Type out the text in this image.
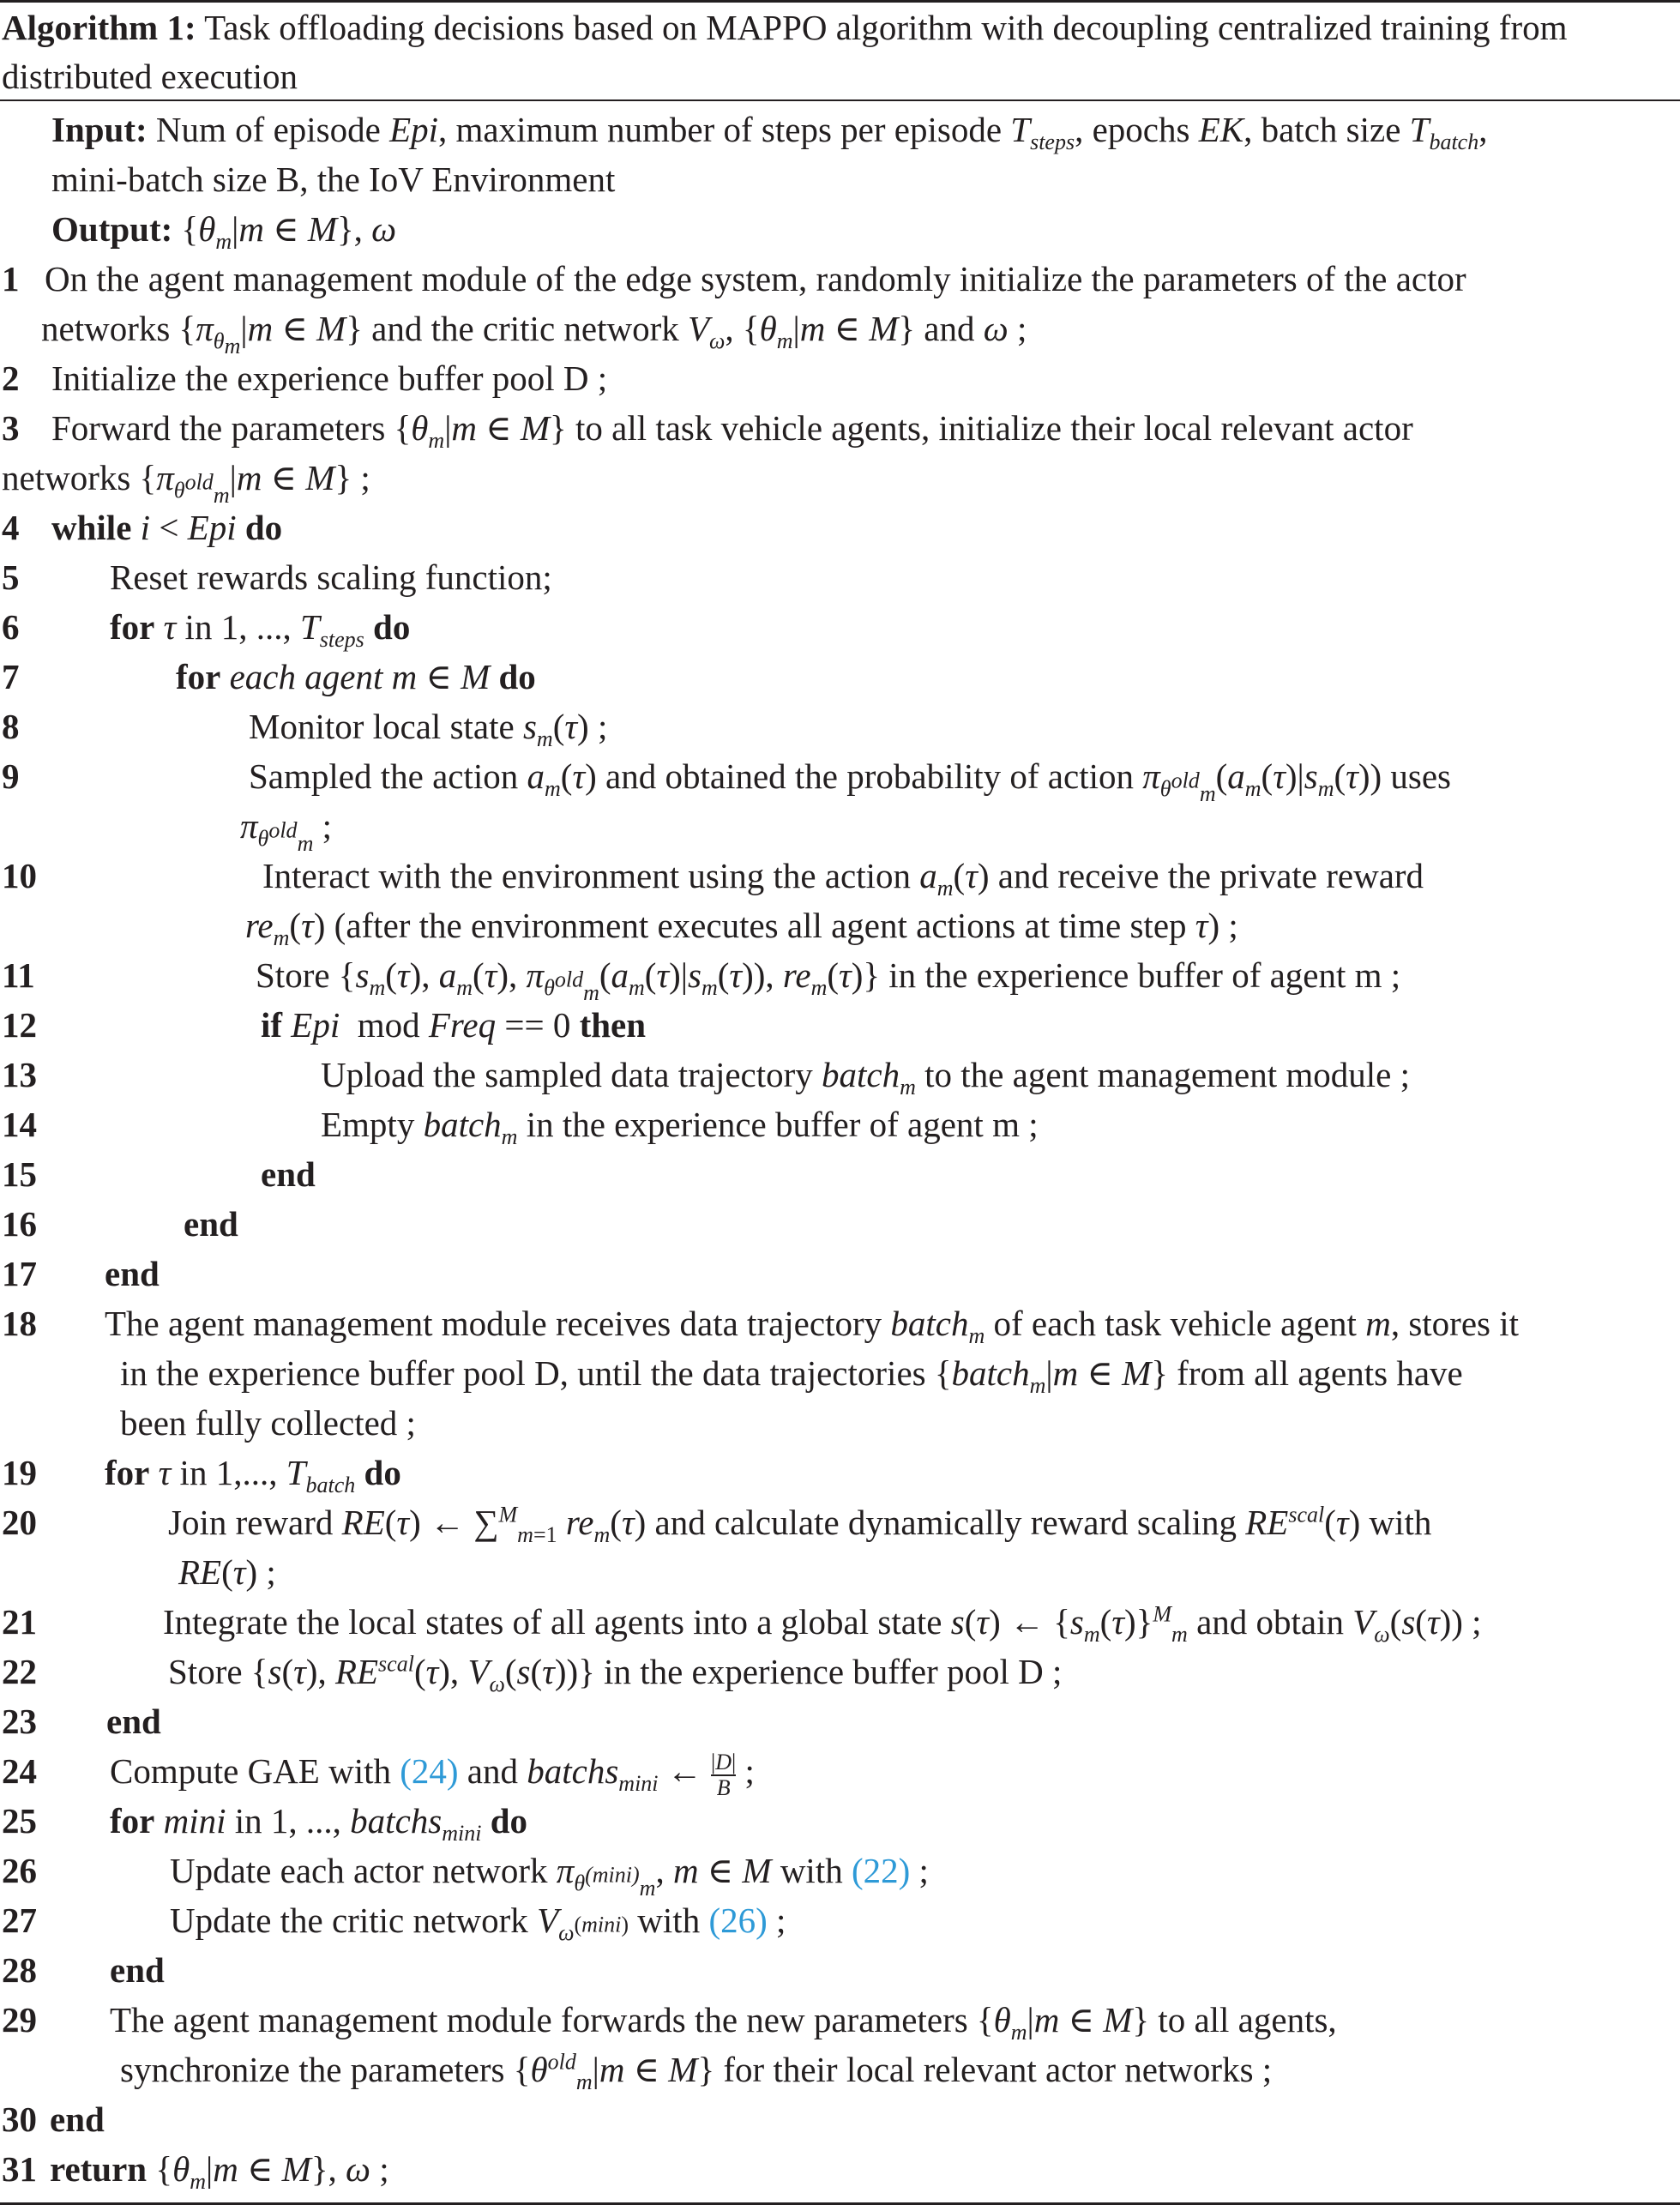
Algorithm 1: Task offloading decisions based on MAPPO algorithm with decoupling centralized training from distributed execution
Input: Num of episode Epi, maximum number of steps per episode $T_{steps}$, epochs EK, batch size $T_{batch}$,
mini-batch size B, the IoV Environment
Output: {$\theta_m|m$ ∈ M}, ω
1 On the agent management module of the edge system, randomly initialize the parameters of the actor
networks {$\pi_{\theta_m}|m$ ∈ M} and the critic network $V_\omega$, {$\theta_m|m$ ∈ M} and ω ;
2 Initialize the experience buffer pool D ;
3 Forward the parameters {$\theta_m|m$ ∈ M} to all task vehicle agents, initialize their local relevant actor
networks {$\pi_{\theta^{old}_m}|m$ ∈ M} ;
4 while i < Epi do
5	Reset rewards scaling function;
6	for τ in 1, ..., $T_{steps}$ do
7	for each agent m ∈ M do
8	Monitor local state $s_m(\tau)$ ;
9	Sampled the action $a_m(\tau)$ and obtained the probability of action $\pi_{\theta^{old}_m}(a_m(\tau)|s_m(\tau))$ uses
$\pi_{\theta^{old}_m}$ ;
10	Interact with the environment using the action $a_m(\tau)$ and receive the private reward
$re_m(\tau)$ (after the environment executes all agent actions at time step τ) ;
11	Store {$s_m(\tau)$, $a_m(\tau)$, $\pi_{\theta^{old}_m}(a_m(\tau)|s_m(\tau))$, $re_m(\tau)$} in the experience buffer of agent m ;
12	if Epi  mod Freq == 0 then
13	Upload the sampled data trajectory batch$_m$ to the agent management module ;
14	Empty batch$_m$ in the experience buffer of agent m ;
15	end
16	end
17 end
18 The agent management module receives data trajectory batch$_m$ of each task vehicle agent m, stores it
in the experience buffer pool D, until the data trajectories {batch$_m$|m ∈ M} from all agents have
been fully collected ;
19 for τ in 1,..., $T_{batch}$ do
20	Join reward RE(τ) ← ∑$^M_{m=1}$ $re_m(\tau)$ and calculate dynamically reward scaling $RE^{scal}(\tau)$ with
RE(τ) ;
21	Integrate the local states of all agents into a global state s(τ) ← $\{s_m(\tau)\}^M_m$ and obtain $V_\omega(s(\tau))$ ;
22	Store {s(τ), $RE^{scal}(\tau)$, $V_\omega(s(\tau))$} in the experience buffer pool D ;
23 end
24 Compute GAE with (24) and batchs$_{mini}$ ← $\frac{|D|}{B}$ ;
25 for mini in 1, ..., batchs$_{mini}$ do
26	Update each actor network $\pi_{\theta^{(mini)}_m}$, m ∈ M with (22) ;
27	Update the critic network $V_{\omega^{(mini)}}$ with (26) ;
28 end
29 The agent management module forwards the new parameters {$\theta_m|m$ ∈ M} to all agents,
synchronize the parameters {$\theta^{old}_m|m$ ∈ M} for their local relevant actor networks ;
30 end
31 return {$\theta_m|m$ ∈ M}, ω ;
